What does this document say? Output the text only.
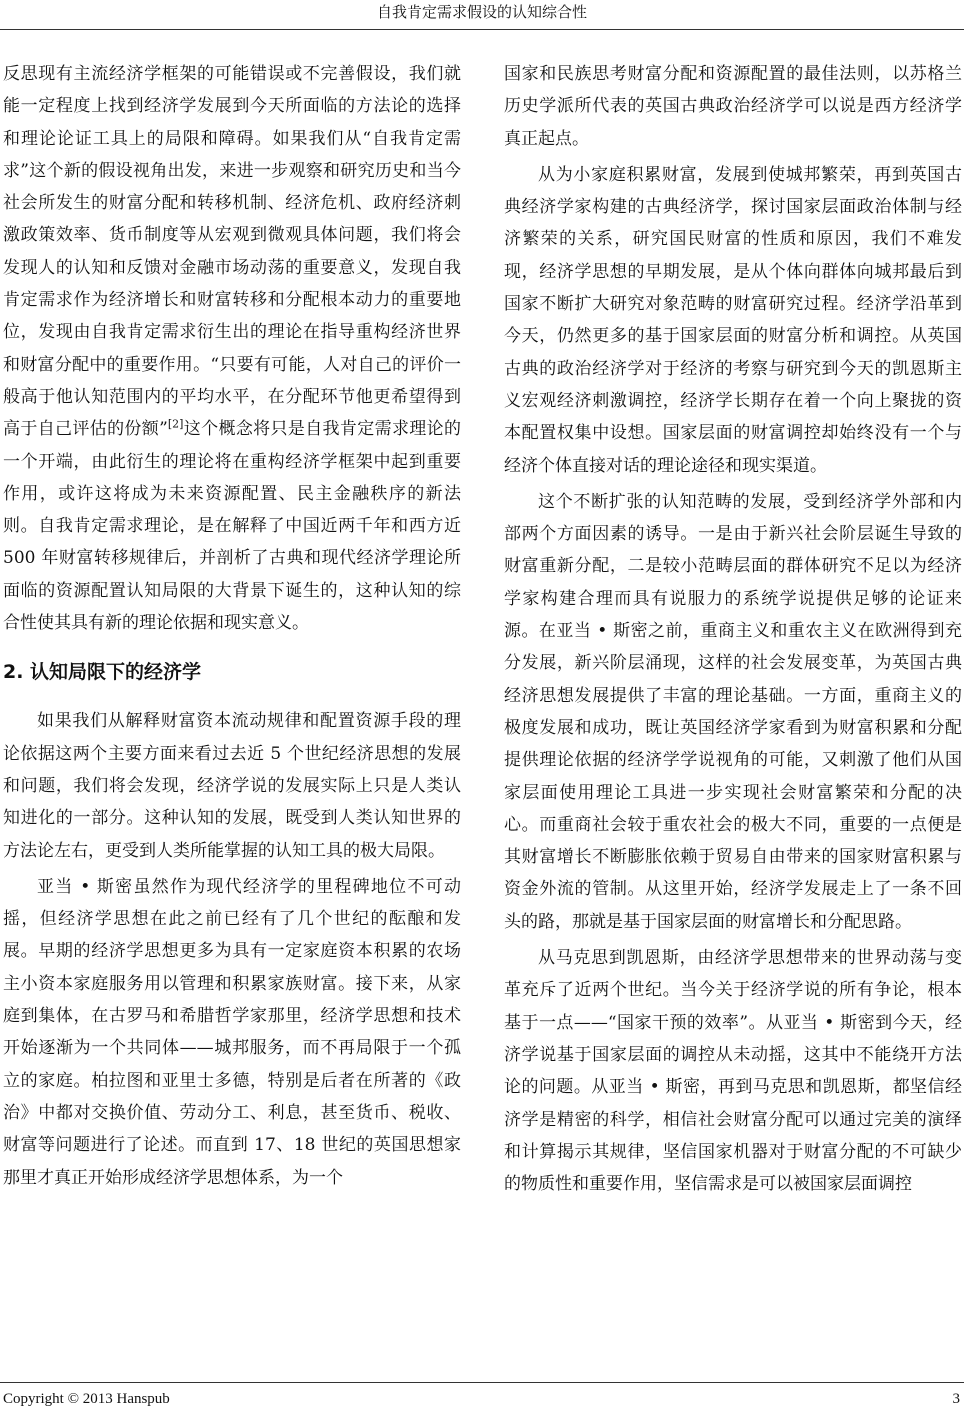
自我肯定需求假设的认知综合性

反思现有主流经济学框架的可能错误或不完善假设，我们就能一定程度上找到经济学发展到今天所面临的方法论的选择和理论论证工具上的局限和障碍。如果我们从“自我肯定需求”这个新的假设视角出发，来进一步观察和研究历史和当今社会所发生的财富分配和转移机制、经济危机、政府经济刺激政策效率、货币制度等从宏观到微观具体问题，我们将会发现人的认知和反馈对金融市场动荡的重要意义，发现自我肯定需求作为经济增长和财富转移和分配根本动力的重要地位，发现由自我肯定需求衍生出的理论在指导重构经济世界和财富分配中的重要作用。“只要有可能，人对自己的评价一般高于他认知范围内的平均水平，在分配环节他更希望得到高于自己评估的份额”[2]这个概念将只是自我肯定需求理论的一个开端，由此衍生的理论将在重构经济学框架中起到重要作用，或许这将成为未来资源配置、民主金融秩序的新法则。自我肯定需求理论，是在解释了中国近两千年和西方近 500 年财富转移规律后，并剖析了古典和现代经济学理论所面临的资源配置认知局限的大背景下诞生的，这种认知的综合性使其具有新的理论依据和现实意义。

2. 认知局限下的经济学

如果我们从解释财富资本流动规律和配置资源手段的理论依据这两个主要方面来看过去近 5 个世纪经济思想的发展和问题，我们将会发现，经济学说的发展实际上只是人类认知进化的一部分。这种认知的发展，既受到人类认知世界的方法论左右，更受到人类所能掌握的认知工具的极大局限。

亚当 • 斯密虽然作为现代经济学的里程碑地位不可动摇，但经济学思想在此之前已经有了几个世纪的酝酿和发展。早期的经济学思想更多为具有一定家庭资本积累的农场主小资本家庭服务用以管理和积累家族财富。接下来，从家庭到集体，在古罗马和希腊哲学家那里，经济学思想和技术开始逐渐为一个共同体——城邦服务，而不再局限于一个孤立的家庭。柏拉图和亚里士多德，特别是后者在所著的《政治》中都对交换价值、劳动分工、利息，甚至货币、税收、财富等问题进行了论述。而直到 17、18 世纪的英国思想家那里才真正开始形成经济学思想体系，为一个

国家和民族思考财富分配和资源配置的最佳法则，以苏格兰历史学派所代表的英国古典政治经济学可以说是西方经济学真正起点。

从为小家庭积累财富，发展到使城邦繁荣，再到英国古典经济学家构建的古典经济学，探讨国家层面政治体制与经济繁荣的关系，研究国民财富的性质和原因，我们不难发现，经济学思想的早期发展，是从个体向群体向城邦最后到国家不断扩大研究对象范畴的财富研究过程。经济学沿革到今天，仍然更多的基于国家层面的财富分析和调控。从英国古典的政治经济学对于经济的考察与研究到今天的凯恩斯主义宏观经济刺激调控，经济学长期存在着一个向上聚拢的资本配置权集中设想。国家层面的财富调控却始终没有一个与经济个体直接对话的理论途径和现实渠道。

这个不断扩张的认知范畴的发展，受到经济学外部和内部两个方面因素的诱导。一是由于新兴社会阶层诞生导致的财富重新分配，二是较小范畴层面的群体研究不足以为经济学家构建合理而具有说服力的系统学说提供足够的论证来源。在亚当 • 斯密之前，重商主义和重农主义在欧洲得到充分发展，新兴阶层涌现，这样的社会发展变革，为英国古典经济思想发展提供了丰富的理论基础。一方面，重商主义的极度发展和成功，既让英国经济学家看到为财富积累和分配提供理论依据的经济学学说视角的可能，又刺激了他们从国家层面使用理论工具进一步实现社会财富繁荣和分配的决心。而重商社会较于重农社会的极大不同，重要的一点便是其财富增长不断膨胀依赖于贸易自由带来的国家财富积累与资金外流的管制。从这里开始，经济学发展走上了一条不回头的路，那就是基于国家层面的财富增长和分配思路。

从马克思到凯恩斯，由经济学思想带来的世界动荡与变革充斥了近两个世纪。当今关于经济学说的所有争论，根本基于一点——“国家干预的效率”。从亚当 • 斯密到今天，经济学说基于国家层面的调控从未动摇，这其中不能绕开方法论的问题。从亚当 • 斯密，再到马克思和凯恩斯，都坚信经济学是精密的科学，相信社会财富分配可以通过完美的演绎和计算揭示其规律，坚信国家机器对于财富分配的不可缺少的物质性和重要作用，坚信需求是可以被国家层面调控

Copyright © 2013 Hanspub	3
